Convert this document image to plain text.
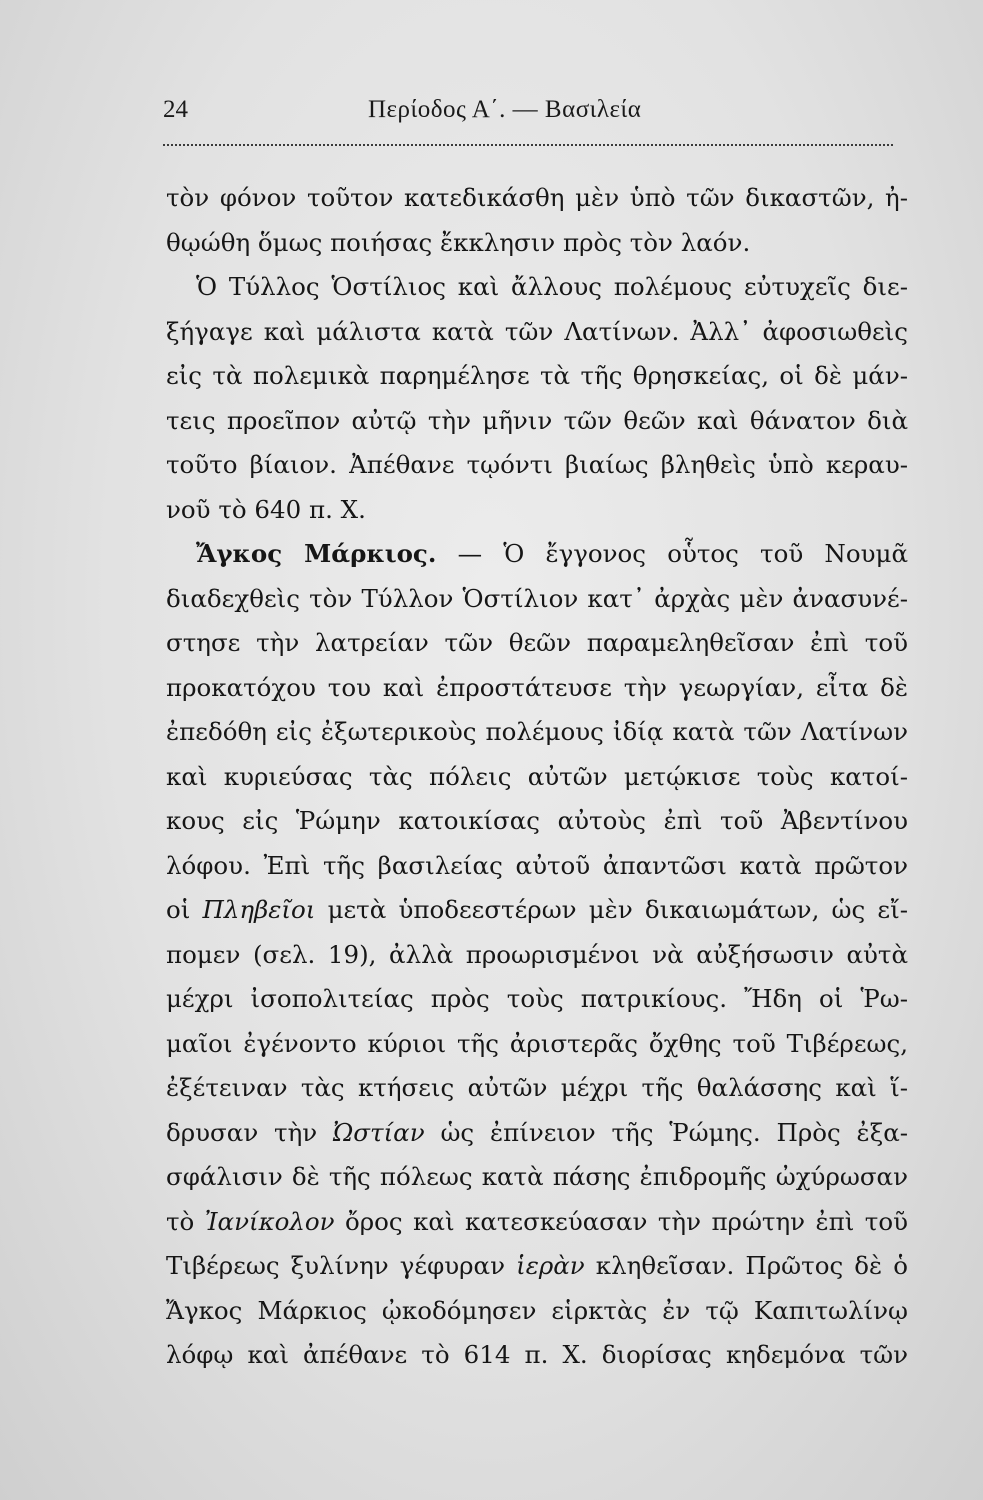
24	Περίοδος Α΄. — Βασιλεία
τὸν φόνον τοῦτον κατεδικάσθη μὲν ὑπὸ τῶν δικαστῶν, ἠ-
θῳώθη ὅμως ποιήσας ἔκκλησιν πρὸς τὸν λαόν.
Ὁ Τύλλος Ὁστίλιος καὶ ἄλλους πολέμους εὐτυχεῖς διε-
ξήγαγε καὶ μάλιστα κατὰ τῶν Λατίνων. Ἀλλ᾽ ἀφοσιωθεὶς
εἰς τὰ πολεμικὰ παρημέλησε τὰ τῆς θρησκείας, οἱ δὲ μάν-
τεις προεῖπον αὐτῷ τὴν μῆνιν τῶν θεῶν καὶ θάνατον διὰ
τοῦτο βίαιον. Ἀπέθανε τῳόντι βιαίως βληθεὶς ὑπὸ κεραυ-
νοῦ τὸ 640 π. Χ.
Ἄγκος Μάρκιος. — Ὁ ἔγγονος οὗτος τοῦ Νουμᾶ
διαδεχθεὶς τὸν Τύλλον Ὁστίλιον κατ᾽ ἀρχὰς μὲν ἀνασυνέ-
στησε τὴν λατρείαν τῶν θεῶν παραμεληθεῖσαν ἐπὶ τοῦ
προκατόχου του καὶ ἐπροστάτευσε τὴν γεωργίαν, εἶτα δὲ
ἐπεδόθη εἰς ἐξωτερικοὺς πολέμους ἰδίᾳ κατὰ τῶν Λατίνων
καὶ κυριεύσας τὰς πόλεις αὐτῶν μετῴκισε τοὺς κατοί-
κους εἰς Ῥώμην κατοικίσας αὐτοὺς ἐπὶ τοῦ Ἀβεντίνου
λόφου. Ἐπὶ τῆς βασιλείας αὐτοῦ ἀπαντῶσι κατὰ πρῶτον
οἱ Πληβεῖοι μετὰ ὑποδεεστέρων μὲν δικαιωμάτων, ὡς εἴ-
πομεν (σελ. 19), ἀλλὰ προωρισμένοι νὰ αὐξήσωσιν αὐτὰ
μέχρι ἰσοπολιτείας πρὸς τοὺς πατρικίους. Ἤδη οἱ Ῥω-
μαῖοι ἐγένοντο κύριοι τῆς ἀριστερᾶς ὄχθης τοῦ Τιβέρεως,
ἐξέτειναν τὰς κτήσεις αὐτῶν μέχρι τῆς θαλάσσης καὶ ἵ-
δρυσαν τὴν Ὠστίαν ὡς ἐπίνειον τῆς Ῥώμης. Πρὸς ἐξα-
σφάλισιν δὲ τῆς πόλεως κατὰ πάσης ἐπιδρομῆς ὠχύρωσαν
τὸ Ἰανίκολον ὄρος καὶ κατεσκεύασαν τὴν πρώτην ἐπὶ τοῦ
Τιβέρεως ξυλίνην γέφυραν ἱερὰν κληθεῖσαν. Πρῶτος δὲ ὁ
Ἄγκος Μάρκιος ᾠκοδόμησεν εἱρκτὰς ἐν τῷ Καπιτωλίνῳ
λόφῳ καὶ ἀπέθανε τὸ 614 π. Χ. διορίσας κηδεμόνα τῶν
